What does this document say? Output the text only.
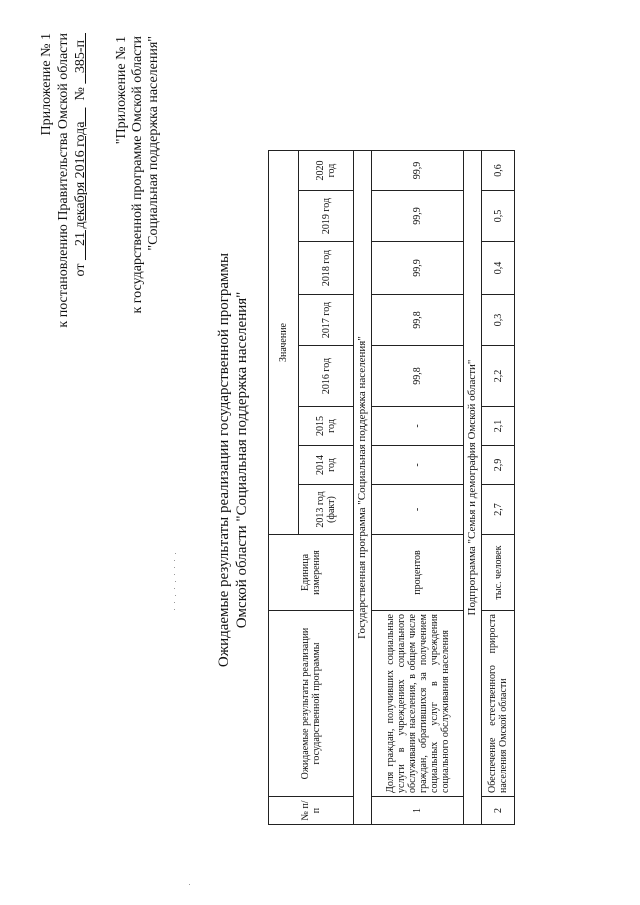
Приложение № 1 к постановлению Правительства Омской области от     21 декабря 2016 года      №    385-п "Приложение № 1 к государственной программе Омской области "Социальная поддержка населения"
Ожидаемые результаты реализации государственной программы Омской области "Социальная поддержка населения"
№ п/п	Ожидаемые результаты реализации государственной программы	Единица измерения	Значение							
			2013 год (факт)	2014 год	2015 год	2016 год	2017 год	2018 год	2019 год	2020 год
Государственная программа "Социальная поддержка населения"										
1	Доля граждан, получивших социальные услуги в учреждениях социального обслуживания населения, в общем числе граждан, обратившихся за получением социальных услуг в учреждения социального обслуживания населения	процентов	-	-	-	99,8	99,8	99,9	99,9	99,9
Подпрограмма "Семья и демография Омской области"										
2	Обеспечение естественного прироста населения Омской области	тыс. человек	2,7	2,9	2,1	2,2	0,3	0,4	0,5	0,6
